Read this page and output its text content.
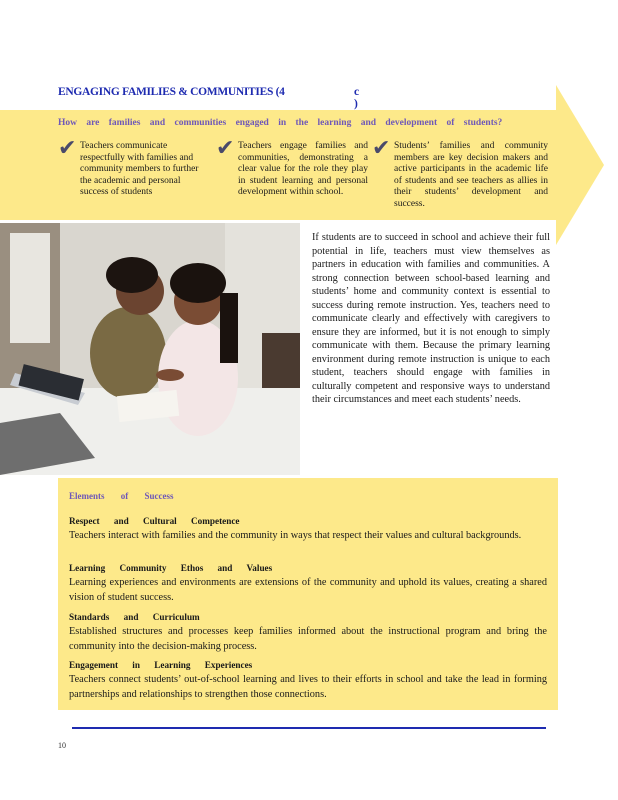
ENGAGING FAMILIES & COMMUNITIES (4	c )
How are families and communities engaged in the learning and development of students?
✔ Teachers communicate respectfully with families and community members to further the academic and personal success of students
✔ Teachers engage families and communities, demonstrating a clear value for the role they play in student learning and personal development within school.
✔ Students’ families and community members are key decision makers and active participants in the academic life of students and see teachers as allies in their students’ development and success.
If students are to succeed in school and achieve their full potential in life, teachers must view themselves as partners in education with families and communities. A strong connection between school-based learning and students’ home and community context is essential to success during remote instruction. Yes, teachers need to communicate clearly and effectively with caregivers to ensure they are informed, but it is not enough to simply communicate with them. Because the primary learning environment during remote instruction is unique to each student, teachers should engage with families in culturally competent and responsive ways to understand their circumstances and meet each students’ needs.
Elements of Success
Respect and Cultural Competence
Teachers interact with families and the community in ways that respect their values and cultural backgrounds.
Learning Community Ethos and Values
Learning experiences and environments are extensions of the community and uphold its values, creating a shared vision of student success.
Standards and Curriculum
Established structures and processes keep families informed about the instructional program and bring the community into the decision-making process.
Engagement in Learning Experiences
Teachers connect students’ out-of-school learning and lives to their efforts in school and take the lead in forming partnerships and relationships to strengthen those connections.
10
